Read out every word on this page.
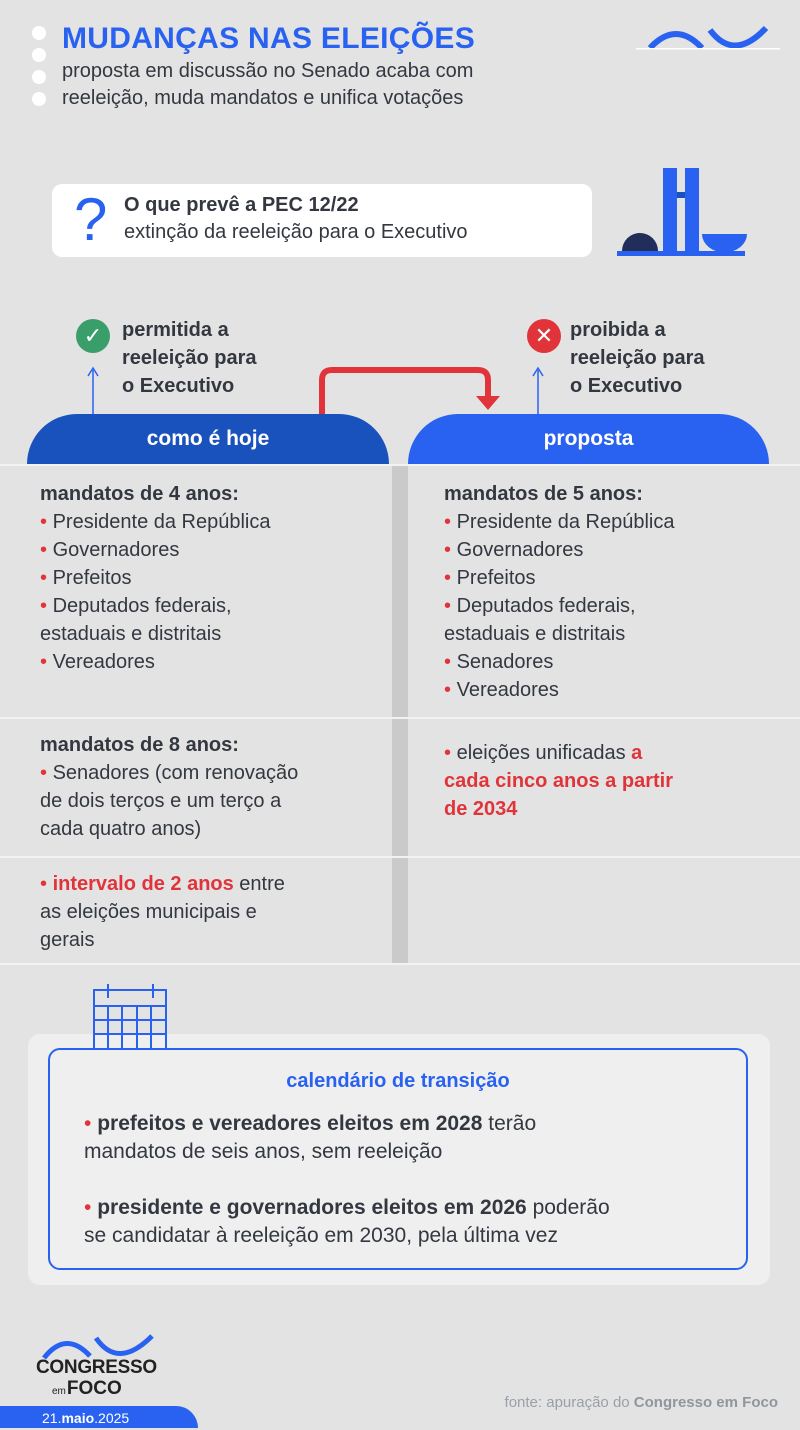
MUDANÇAS NAS ELEIÇÕES
proposta em discussão no Senado acaba com
reeleição, muda mandatos e unifica votações
? O que prevê a PEC 12/22
extinção da reeleição para o Executivo
✓ permitida a
reeleição para
o Executivo
✕ proibida a
reeleição para
o Executivo
como é hoje	proposta
mandatos de 4 anos:
• Presidente da República
• Governadores
• Prefeitos
• Deputados federais,
estaduais e distritais
• Vereadores
mandatos de 5 anos:
• Presidente da República
• Governadores
• Prefeitos
• Deputados federais,
estaduais e distritais
• Senadores
• Vereadores
mandatos de 8 anos:
• Senadores (com renovação
de dois terços e um terço a
cada quatro anos)
• eleições unificadas a
cada cinco anos a partir
de 2034
• intervalo de 2 anos entre
as eleições municipais e
gerais
calendário de transição
• prefeitos e vereadores eleitos em 2028 terão
mandatos de seis anos, sem reeleição
• presidente e governadores eleitos em 2026 poderão
se candidatar à reeleição em 2030, pela última vez
CONGRESSO
emFOCO
21.maio.2025
fonte: apuração do Congresso em Foco
